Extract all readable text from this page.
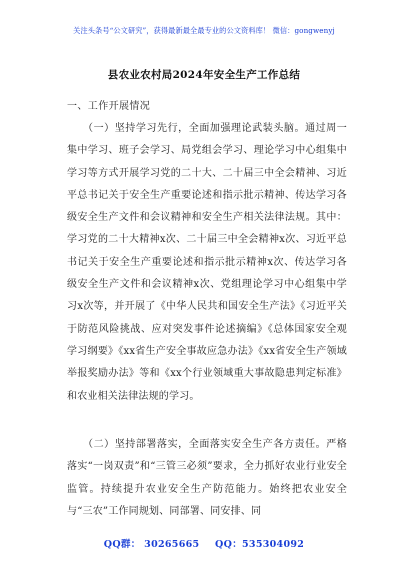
关注头条号“公文研究”，获得最新最全最专业的公文资料库！ 微信：gongwenyj
县农业农村局2024年安全生产工作总结
一、工作开展情况
（一）坚持学习先行，全面加强理论武装头脑。通过周一集中学习、班子会学习、局党组会学习、理论学习中心组集中学习等方式开展学习党的二十大、二十届三中全会精神、习近平总书记关于安全生产重要论述和指示批示精神、传达学习各级安全生产文件和会议精神和安全生产相关法律法规。其中：学习党的二十大精神x次、二十届三中全会精神x次、习近平总书记关于安全生产重要论述和指示批示精神x次、传达学习各级安全生产文件和会议精神x次、党组理论学习中心组集中学习x次等，并开展了《中华人民共和国安全生产法》《习近平关于防范风险挑战、应对突发事件论述摘编》《总体国家安全观学习纲要》《xx省生产安全事故应急办法》《xx省安全生产领域举报奖励办法》等和《xx个行业领域重大事故隐患判定标准》和农业相关法律法规的学习。
（二）坚持部署落实，全面落实安全生产各方责任。严格落实“一岗双责”和“三管三必须”要求，全力抓好农业行业安全监管。持续提升农业安全生产防范能力。始终把农业安全与“三农”工作同规划、同部署、同安排、同
QQ群： 30265665 QQ：535304092
